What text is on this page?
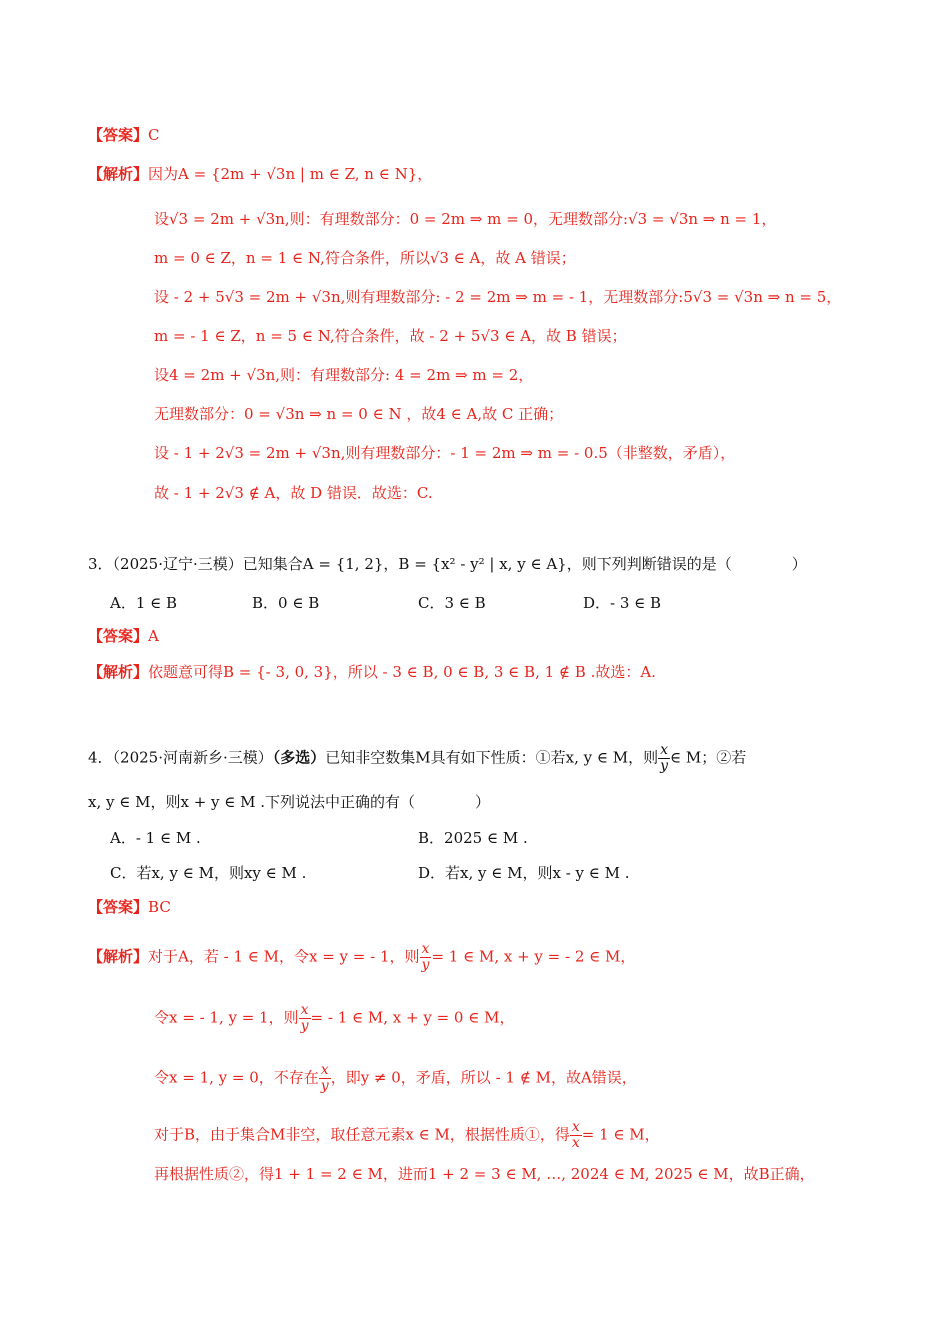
【答案】C
【解析】因为A = {2m + √3n | m ∈ Z, n ∈ N}，
设√3 = 2m + √3n,则：有理数部分：0 = 2m ⇒ m = 0，无理数部分:√3 = √3n ⇒ n = 1，
m = 0 ∈ Z，n = 1 ∈ N,符合条件，所以√3 ∈ A，故 A 错误；
设 - 2 + 5√3 = 2m + √3n,则有理数部分: - 2 = 2m ⇒ m = - 1，无理数部分:5√3 = √3n ⇒ n = 5，
m = - 1 ∈ Z，n = 5 ∈ N,符合条件，故 - 2 + 5√3 ∈ A，故 B 错误；
设4 = 2m + √3n,则：有理数部分: 4 = 2m ⇒ m = 2，
无理数部分：0 = √3n ⇒ n = 0 ∈ N ，故4 ∈ A,故 C 正确；
设 - 1 + 2√3 = 2m + √3n,则有理数部分：- 1 = 2m ⇒ m = - 0.5（非整数，矛盾），
故 - 1 + 2√3 ∉ A，故 D 错误．故选：C.
3．（2025·辽宁·三模）已知集合A = {1, 2}，B = {x² - y² | x, y ∈ A}，则下列判断错误的是（　　　　）
A．1 ∈ B	B．0 ∈ B	C．3 ∈ B	D．- 3 ∈ B
【答案】A
【解析】依题意可得B = {- 3, 0, 3}，所以 - 3 ∈ B, 0 ∈ B, 3 ∈ B, 1 ∉ B .故选：A.
4．（2025·河南新乡·三模）（多选）已知非空数集M具有如下性质：①若x, y ∈ M，则 $\frac{x}{y}$ ∈ M；②若
x, y ∈ M，则x + y ∈ M .下列说法中正确的有（　　　　）
A．- 1 ∈ M .	B．2025 ∈ M .
C．若x, y ∈ M，则xy ∈ M .	D．若x, y ∈ M，则x - y ∈ M .
【答案】BC
【解析】对于A，若 - 1 ∈ M，令x = y = - 1，则 $\frac{x}{y} = 1$ ∈ M, x + y = - 2 ∈ M，
令x = - 1, y = 1，则 $\frac{x}{y}$ = - 1 ∈ M, x + y = 0 ∈ M，
令x = 1, y = 0，不存在 $\frac{x}{y}$ ，即y ≠ 0，矛盾，所以 - 1 ∉ M，故A错误，
对于B，由于集合M非空，取任意元素x ∈ M，根据性质①，得 $\frac{x}{x} = 1$ ∈ M，
再根据性质②，得1 + 1 = 2 ∈ M，进而1 + 2 = 3 ∈ M, …, 2024 ∈ M, 2025 ∈ M，故B正确，
